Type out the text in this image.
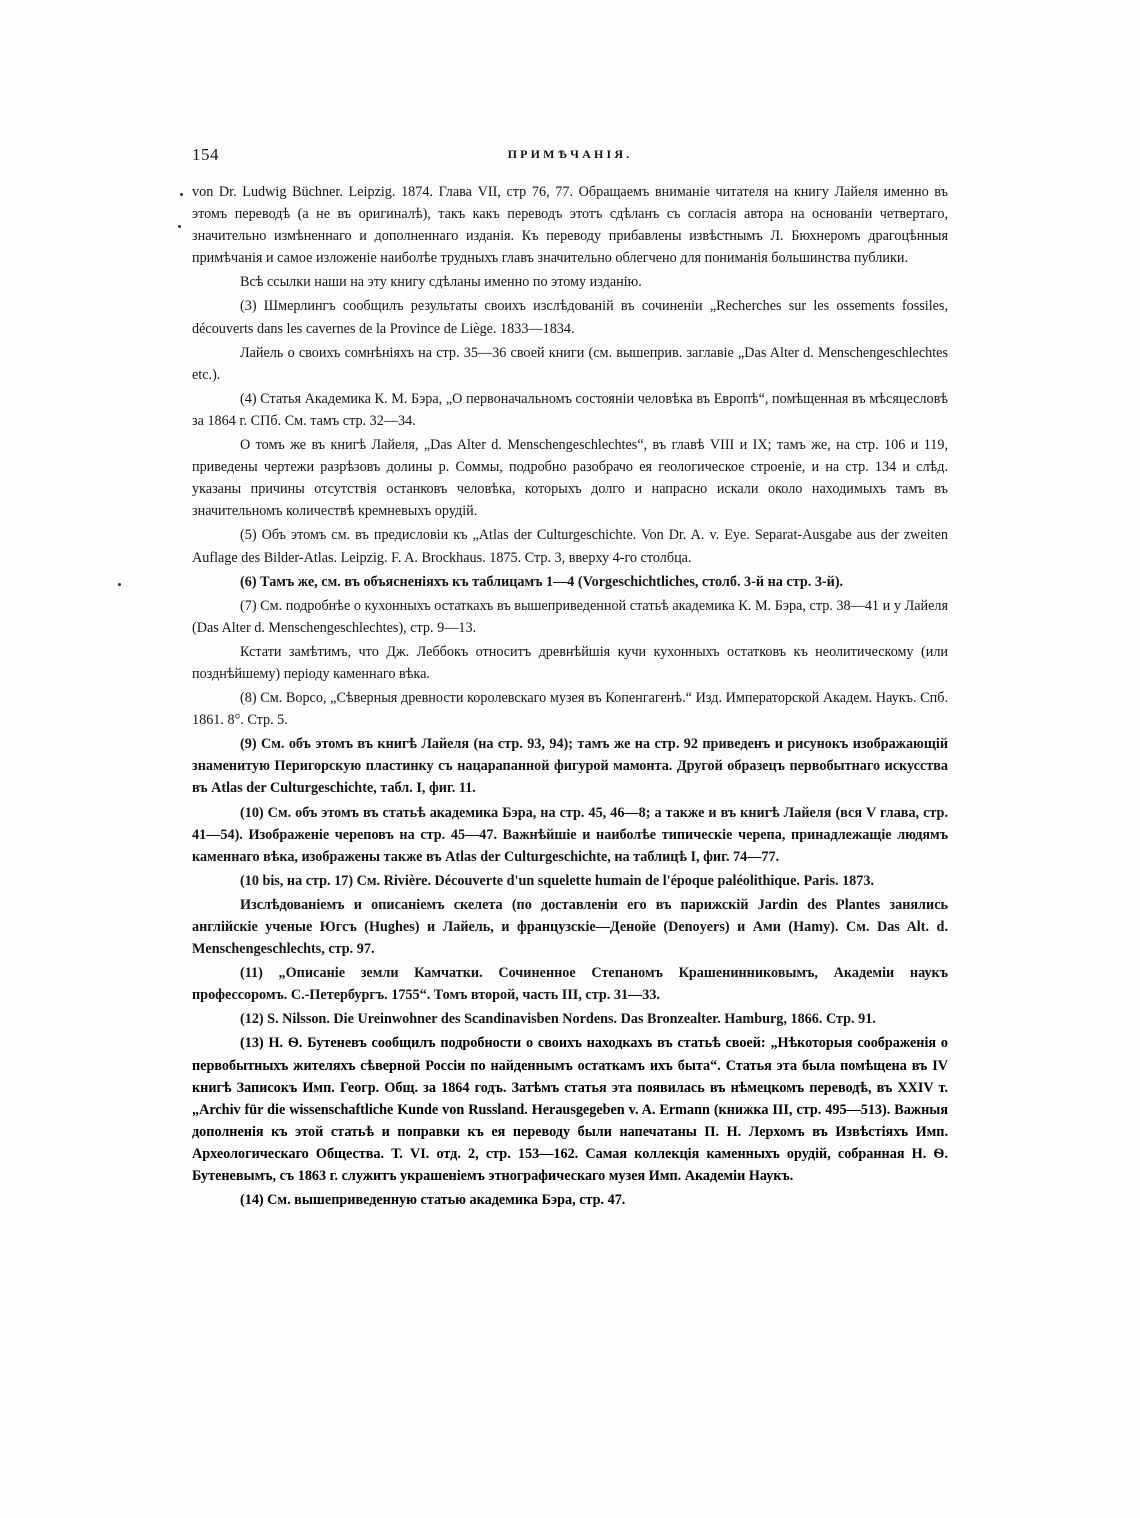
154	ПРИМѢЧАНІЯ.

von Dr. Ludwig Büchner. Leipzig. 1874. Глава VII, стр 76, 77. Обращаемъ вниманіе читателя на книгу Лайеля именно въ этомъ переводѣ (а не въ оригиналѣ), такъ какъ переводъ этотъ сдѣланъ съ согласія автора на основаніи четвертаго, значительно измѣненнаго и дополненнаго изданія. Къ переводу прибавлены извѣстнымъ Л. Бюхнеромъ драгоцѣнныя примѣчанія и самое изложеніе наиболѣе трудныхъ главъ значительно облегчено для пониманія большинства публики.

Всѣ ссылки наши на эту книгу сдѣланы именно по этому изданію.

(3) Шмерлингъ сообщилъ результаты своихъ изслѣдованій въ сочиненіи „Recherches sur les ossements fossiles, découverts dans les cavernes de la Province de Liège. 1833—1834.

Лайель о своихъ сомнѣніяхъ на стр. 35—36 своей книги (см. вышеприв. заглавіе „Das Alter d. Menschengeschlechtes etc.).

(4) Статья Академика К. М. Бэра, „О первоначальномъ состояніи человѣка въ Европѣ“, помѣщенная въ мѣсяцесловѣ за 1864 г. СПб. См. тамъ стр. 32—34.

О томъ же въ книгѣ Лайеля, „Das Alter d. Menschengeschlechtes“, въ главѣ VIII и IX; тамъ же, на стр. 106 и 119, приведены чертежи разрѣзовъ долины р. Соммы, подробно разобрачо ея геологическое строеніе, и на стр. 134 и слѣд. указаны причины отсутствія останковъ человѣка, которыхъ долго и напрасно искали около находимыхъ тамъ въ значительномъ количествѣ кремневыхъ орудій.

(5) Объ этомъ см. въ предисловіи къ „Atlas der Culturgeschichte. Von Dr. A. v. Eye. Separat-Ausgabe aus der zweiten Auflage des Bilder-Atlas. Leipzig. F. A. Brockhaus. 1875. Стр. 3, вверху 4-го столбца.

(6) Тамъ же, см. въ объясненіяхъ къ таблицамъ 1—4 (Vorgeschichtliches, столб. 3-й на стр. 3-й).

(7) См. подробнѣе о кухонныхъ остаткахъ въ вышеприведенной статьѣ академика К. М. Бэра, стр. 38—41 и у Лайеля (Das Alter d. Menschengeschlechtes), стр. 9—13.

Кстати замѣтимъ, что Дж. Леббокъ относитъ древнѣйшія кучи кухонныхъ остатковъ къ неолитическому (или позднѣйшему) періоду каменнаго вѣка.

(8) См. Ворсо, „Сѣверныя древности королевскаго музея въ Копенгагенѣ.“ Изд. Императорской Академ. Наукъ. Спб. 1861. 8°. Стр. 5.

(9) См. объ этомъ въ книгѣ Лайеля (на стр. 93, 94); тамъ же на стр. 92 приведенъ и рисунокъ изображающій знаменитую Перигорскую пластинку съ нацарапанной фигурой мамонта. Другой образецъ первобытнаго искусства въ Atlas der Culturgeschichte, табл. I, фиг. 11.

(10) См. объ этомъ въ статьѣ академика Бэра, на стр. 45, 46—8; а также и въ книгѣ Лайеля (вся V глава, стр. 41—54). Изображеніе череповъ на стр. 45—47. Важнѣйшіе и наиболѣе типическіе черепа, принадлежащіе людямъ каменнаго вѣка, изображены также въ Atlas der Culturgeschichte, на таблицѣ I, фиг. 74—77.

(10 bis, на стр. 17) См. Rivière. Découverte d'un squelette humain de l'époque paléolithique. Paris. 1873.

Изслѣдованіемъ и описаніемъ скелета (по доставленіи его въ парижскій Jardin des Plantes занялись англійскіе ученые Югсъ (Hughes) и Лайель, и французскіе—Денойе (Denoyers) и Ами (Hamy). См. Das Alt. d. Menschengeschlechts, стр. 97.

(11) „Описаніе земли Камчатки. Сочиненное Степаномъ Крашенинниковымъ, Академіи наукъ профессоромъ. С.-Петербургъ. 1755“. Томъ второй, часть III, стр. 31—33.

(12) S. Nilsson. Die Ureinwohner des Scandinavisben Nordens. Das Bronzealter. Hamburg, 1866. Стр. 91.

(13) Н. Ѳ. Бутеневъ сообщилъ подробности о своихъ находкахъ въ статьѣ своей: „Нѣкоторыя соображенія о первобытныхъ жителяхъ сѣверной Россіи по найденнымъ остаткамъ ихъ быта“. Статья эта была помѣщена въ IV книгѣ Записокъ Имп. Геогр. Общ. за 1864 годъ. Затѣмъ статья эта появилась въ нѣмецкомъ переводѣ, въ XXIV т. „Archiv für die wissenschaftliche Kunde von Russland. Herausgegeben v. A. Ermann (книжка III, стр. 495—513). Важныя дополненія къ этой статьѣ и поправки къ ея переводу были напечатаны П. Н. Лерхомъ въ Извѣстіяхъ Имп. Археологическаго Общества. Т. VI. отд. 2, стр. 153—162. Самая коллекція каменныхъ орудій, собранная Н. Ѳ. Бутеневымъ, съ 1863 г. служитъ украшеніемъ этнографическаго музея Имп. Академіи Наукъ.

(14) См. вышеприведенную статью академика Бэра, стр. 47.
